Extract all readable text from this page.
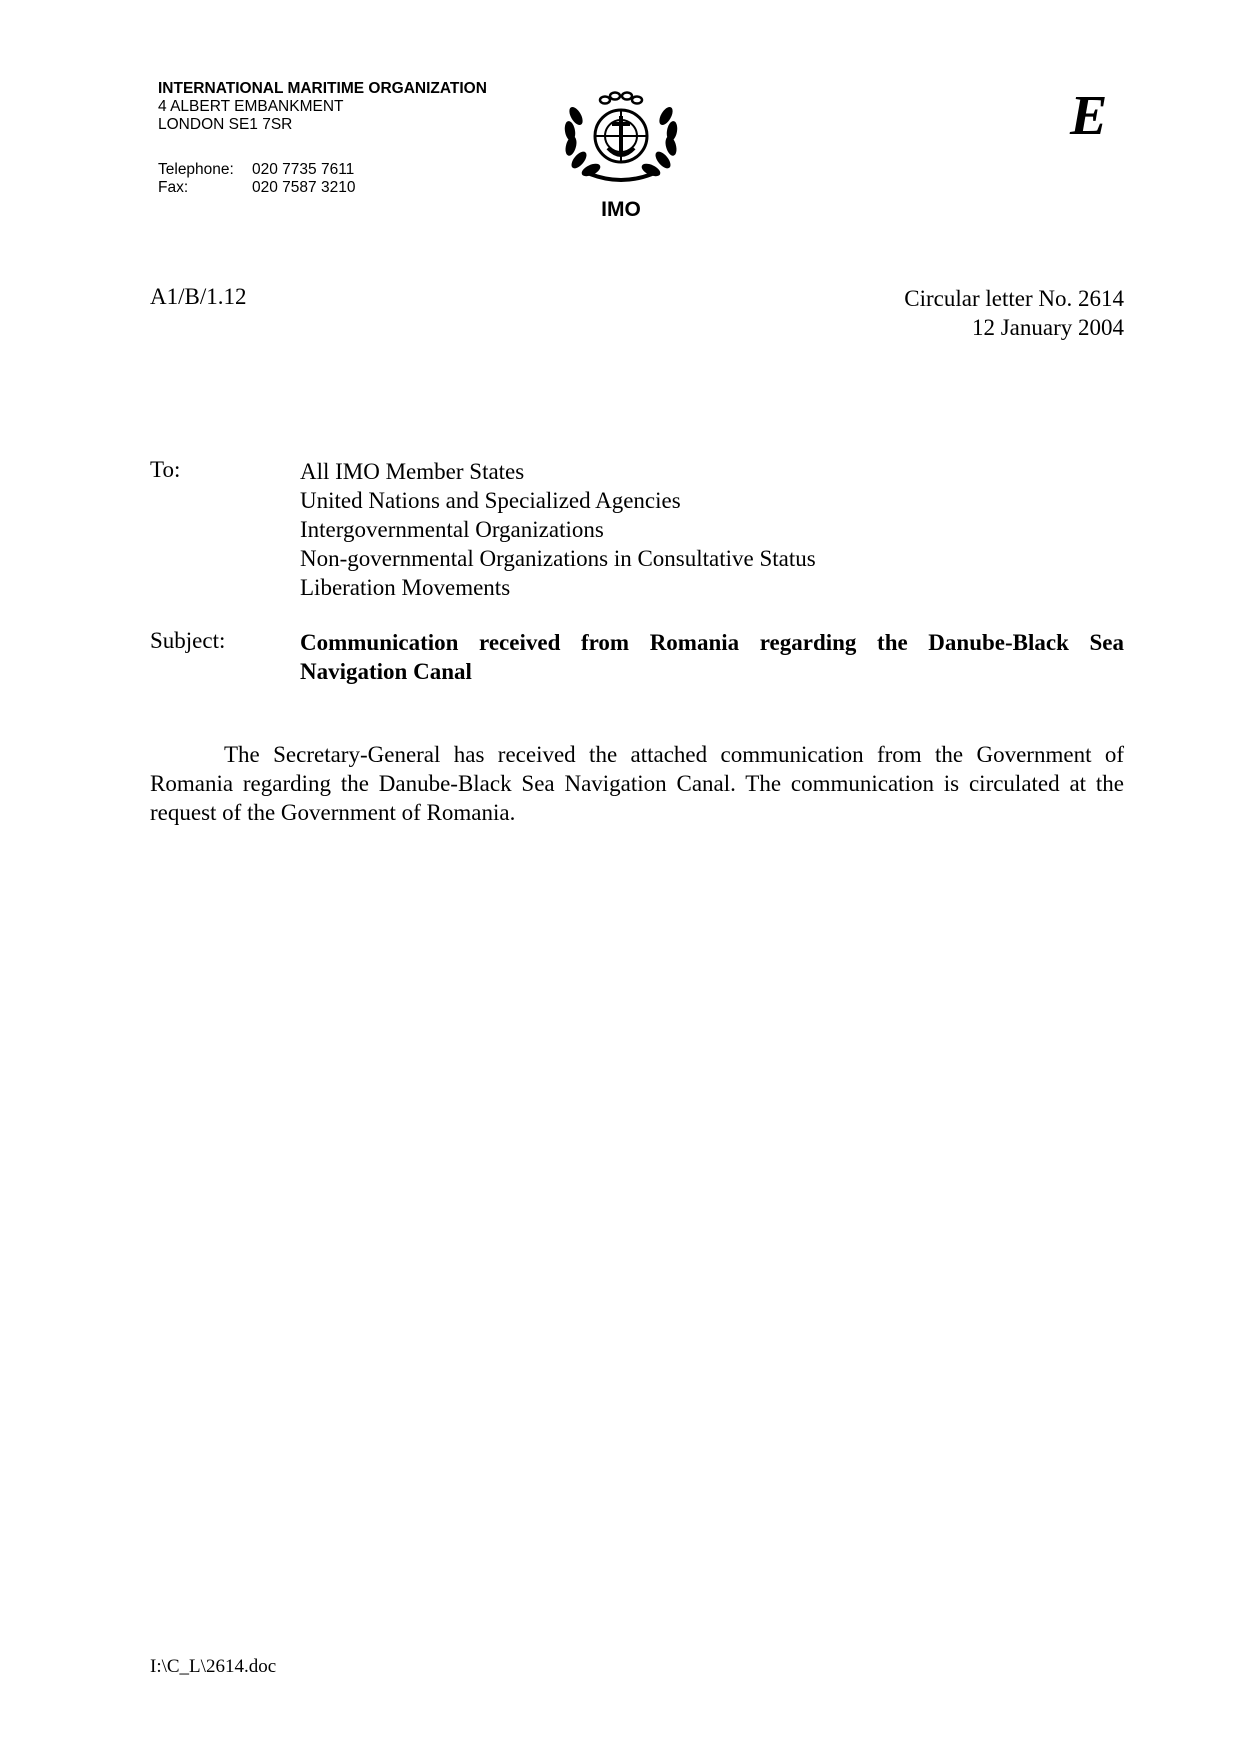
INTERNATIONAL MARITIME ORGANIZATION
4 ALBERT EMBANKMENT
LONDON SE1 7SR
Telephone:	020 7735 7611
Fax:	020 7587 3210
IMO
E
A1/B/1.12	Circular letter No. 2614
12 January 2004
To:	All IMO Member States
United Nations and Specialized Agencies
Intergovernmental Organizations
Non-governmental Organizations in Consultative Status
Liberation Movements
Subject:	Communication received from Romania regarding the Danube-Black Sea Navigation Canal
The Secretary-General has received the attached communication from the Government of Romania regarding the Danube-Black Sea Navigation Canal. The communication is circulated at the request of the Government of Romania.
I:\C_L\2614.doc
